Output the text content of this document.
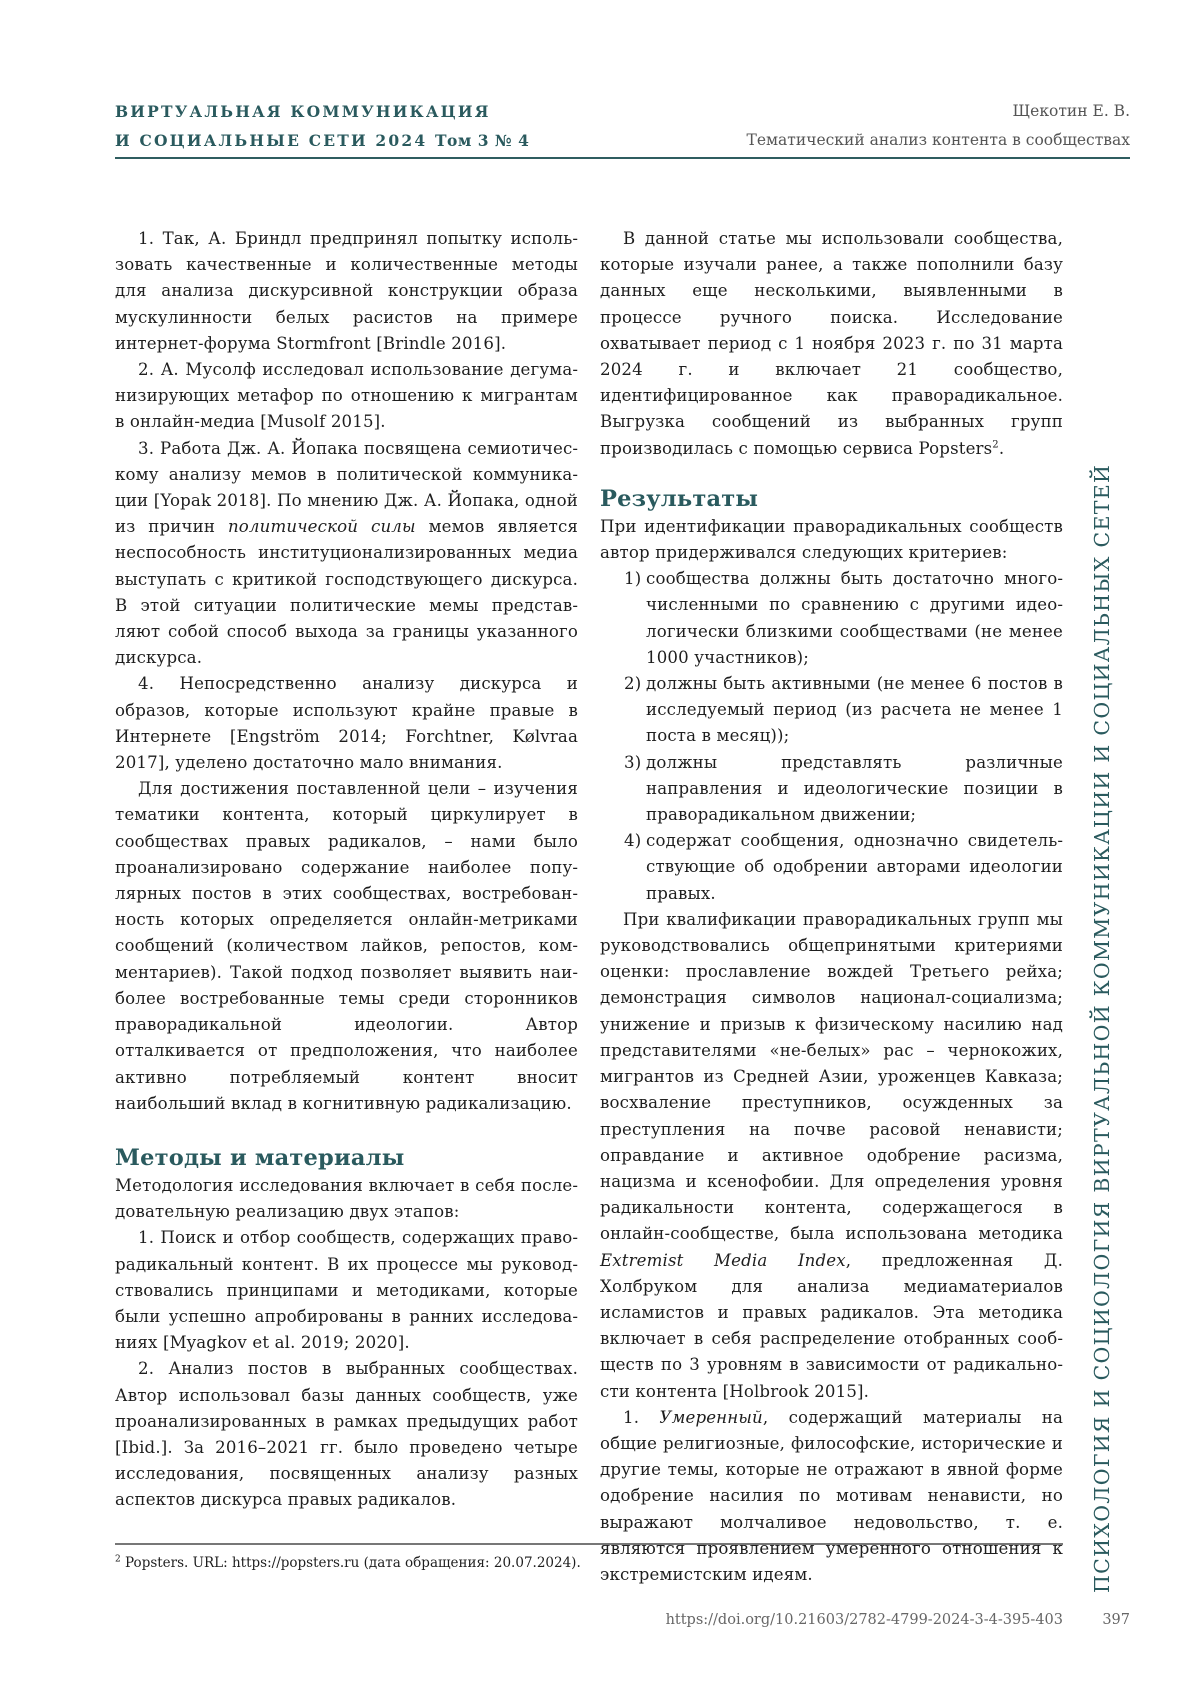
ВИРТУАЛЬНАЯ КОММУНИКАЦИЯ
И СОЦИАЛЬНЫЕ СЕТИ 2024 Том 3 № 4
Щекотин Е. В.
Тематический анализ контента в сообществах

1. Так, А. Бриндл предпринял попытку использовать качественные и количественные методы для анализа дискурсивной конструкции образа мускулинности белых расистов на примере интернет-форума Stormfront [Brindle 2016].

2. А. Мусолф исследовал использование дегуманизирующих метафор по отношению к мигрантам в онлайн-медиа [Musolf 2015].

3. Работа Дж. А. Йопака посвящена семиотическому анализу мемов в политической коммуникации [Yopak 2018]. По мнению Дж. А. Йопака, одной из причин политической силы мемов является неспособность институционализированных медиа выступать с критикой господствующего дискурса. В этой ситуации политические мемы представляют собой способ выхода за границы указанного дискурса.

4. Непосредственно анализу дискурса и образов, которые используют крайне правые в Интернете [Engström 2014; Forchtner, Kølvraa 2017], уделено достаточно мало внимания.

Для достижения поставленной цели – изучения тематики контента, который циркулирует в сообществах правых радикалов, – нами было проанализировано содержание наиболее популярных постов в этих сообществах, востребованность которых определяется онлайн-метриками сообщений (количеством лайков, репостов, комментариев). Такой подход позволяет выявить наиболее востребованные темы среди сторонников праворадикальной идеологии. Автор отталкивается от предположения, что наиболее активно потребляемый контент вносит наибольший вклад в когнитивную радикализацию.

Методы и материалы

Методология исследования включает в себя последовательную реализацию двух этапов:

1. Поиск и отбор сообществ, содержащих праворадикальный контент. В их процессе мы руководствовались принципами и методиками, которые были успешно апробированы в ранних исследованиях [Myagkov et al. 2019; 2020].

2. Анализ постов в выбранных сообществах. Автор использовал базы данных сообществ, уже проанализированных в рамках предыдущих работ [Ibid.]. За 2016–2021 гг. было проведено четыре исследования, посвященных анализу разных аспектов дискурса правых радикалов.

В данной статье мы использовали сообщества, которые изучали ранее, а также пополнили базу данных еще несколькими, выявленными в процессе ручного поиска. Исследование охватывает период с 1 ноября 2023 г. по 31 марта 2024 г. и включает 21 сообщество, идентифицированное как праворадикальное. Выгрузка сообщений из выбранных групп производилась с помощью сервиса Popsters$^2$.

Результаты

При идентификации праворадикальных сообществ автор придерживался следующих критериев:

1) сообщества должны быть достаточно многочисленными по сравнению с другими идеологически близкими сообществами (не менее 1000 участников);
2) должны быть активными (не менее 6 постов в исследуемый период (из расчета не менее 1 поста в месяц));
3) должны представлять различные направления и идеологические позиции в праворадикальном движении;
4) содержат сообщения, однозначно свидетельствующие об одобрении авторами идеологии правых.

При квалификации праворадикальных групп мы руководствовались общепринятыми критериями оценки: прославление вождей Третьего рейха; демонстрация символов национал-социализма; унижение и призыв к физическому насилию над представителями «не-белых» рас – чернокожих, мигрантов из Средней Азии, уроженцев Кавказа; восхваление преступников, осужденных за преступления на почве расовой ненависти; оправдание и активное одобрение расизма, нацизма и ксенофобии. Для определения уровня радикальности контента, содержащегося в онлайн-сообществе, была использована методика Extremist Media Index, предложенная Д. Холбруком для анализа медиаматериалов исламистов и правых радикалов. Эта методика включает в себя распределение отобранных сообществ по 3 уровням в зависимости от радикальности контента [Holbrook 2015].

1. Умеренный, содержащий материалы на общие религиозные, философские, исторические и другие темы, которые не отражают в явной форме одобрение насилия по мотивам ненависти, но выражают молчаливое недовольство, т. е. являются проявлением умеренного отношения к экстремистским идеям.	ПСИХОЛОГИЯ И СОЦИОЛОГИЯ ВИРТУАЛЬНОЙ КОММУНИКАЦИИ И СОЦИАЛЬНЫХ СЕТЕЙ
$^2$ Popsters. URL: https://popsters.ru (дата обращения: 20.07.2024).
https://doi.org/10.21603/2782-4799-2024-3-4-395-403	397
